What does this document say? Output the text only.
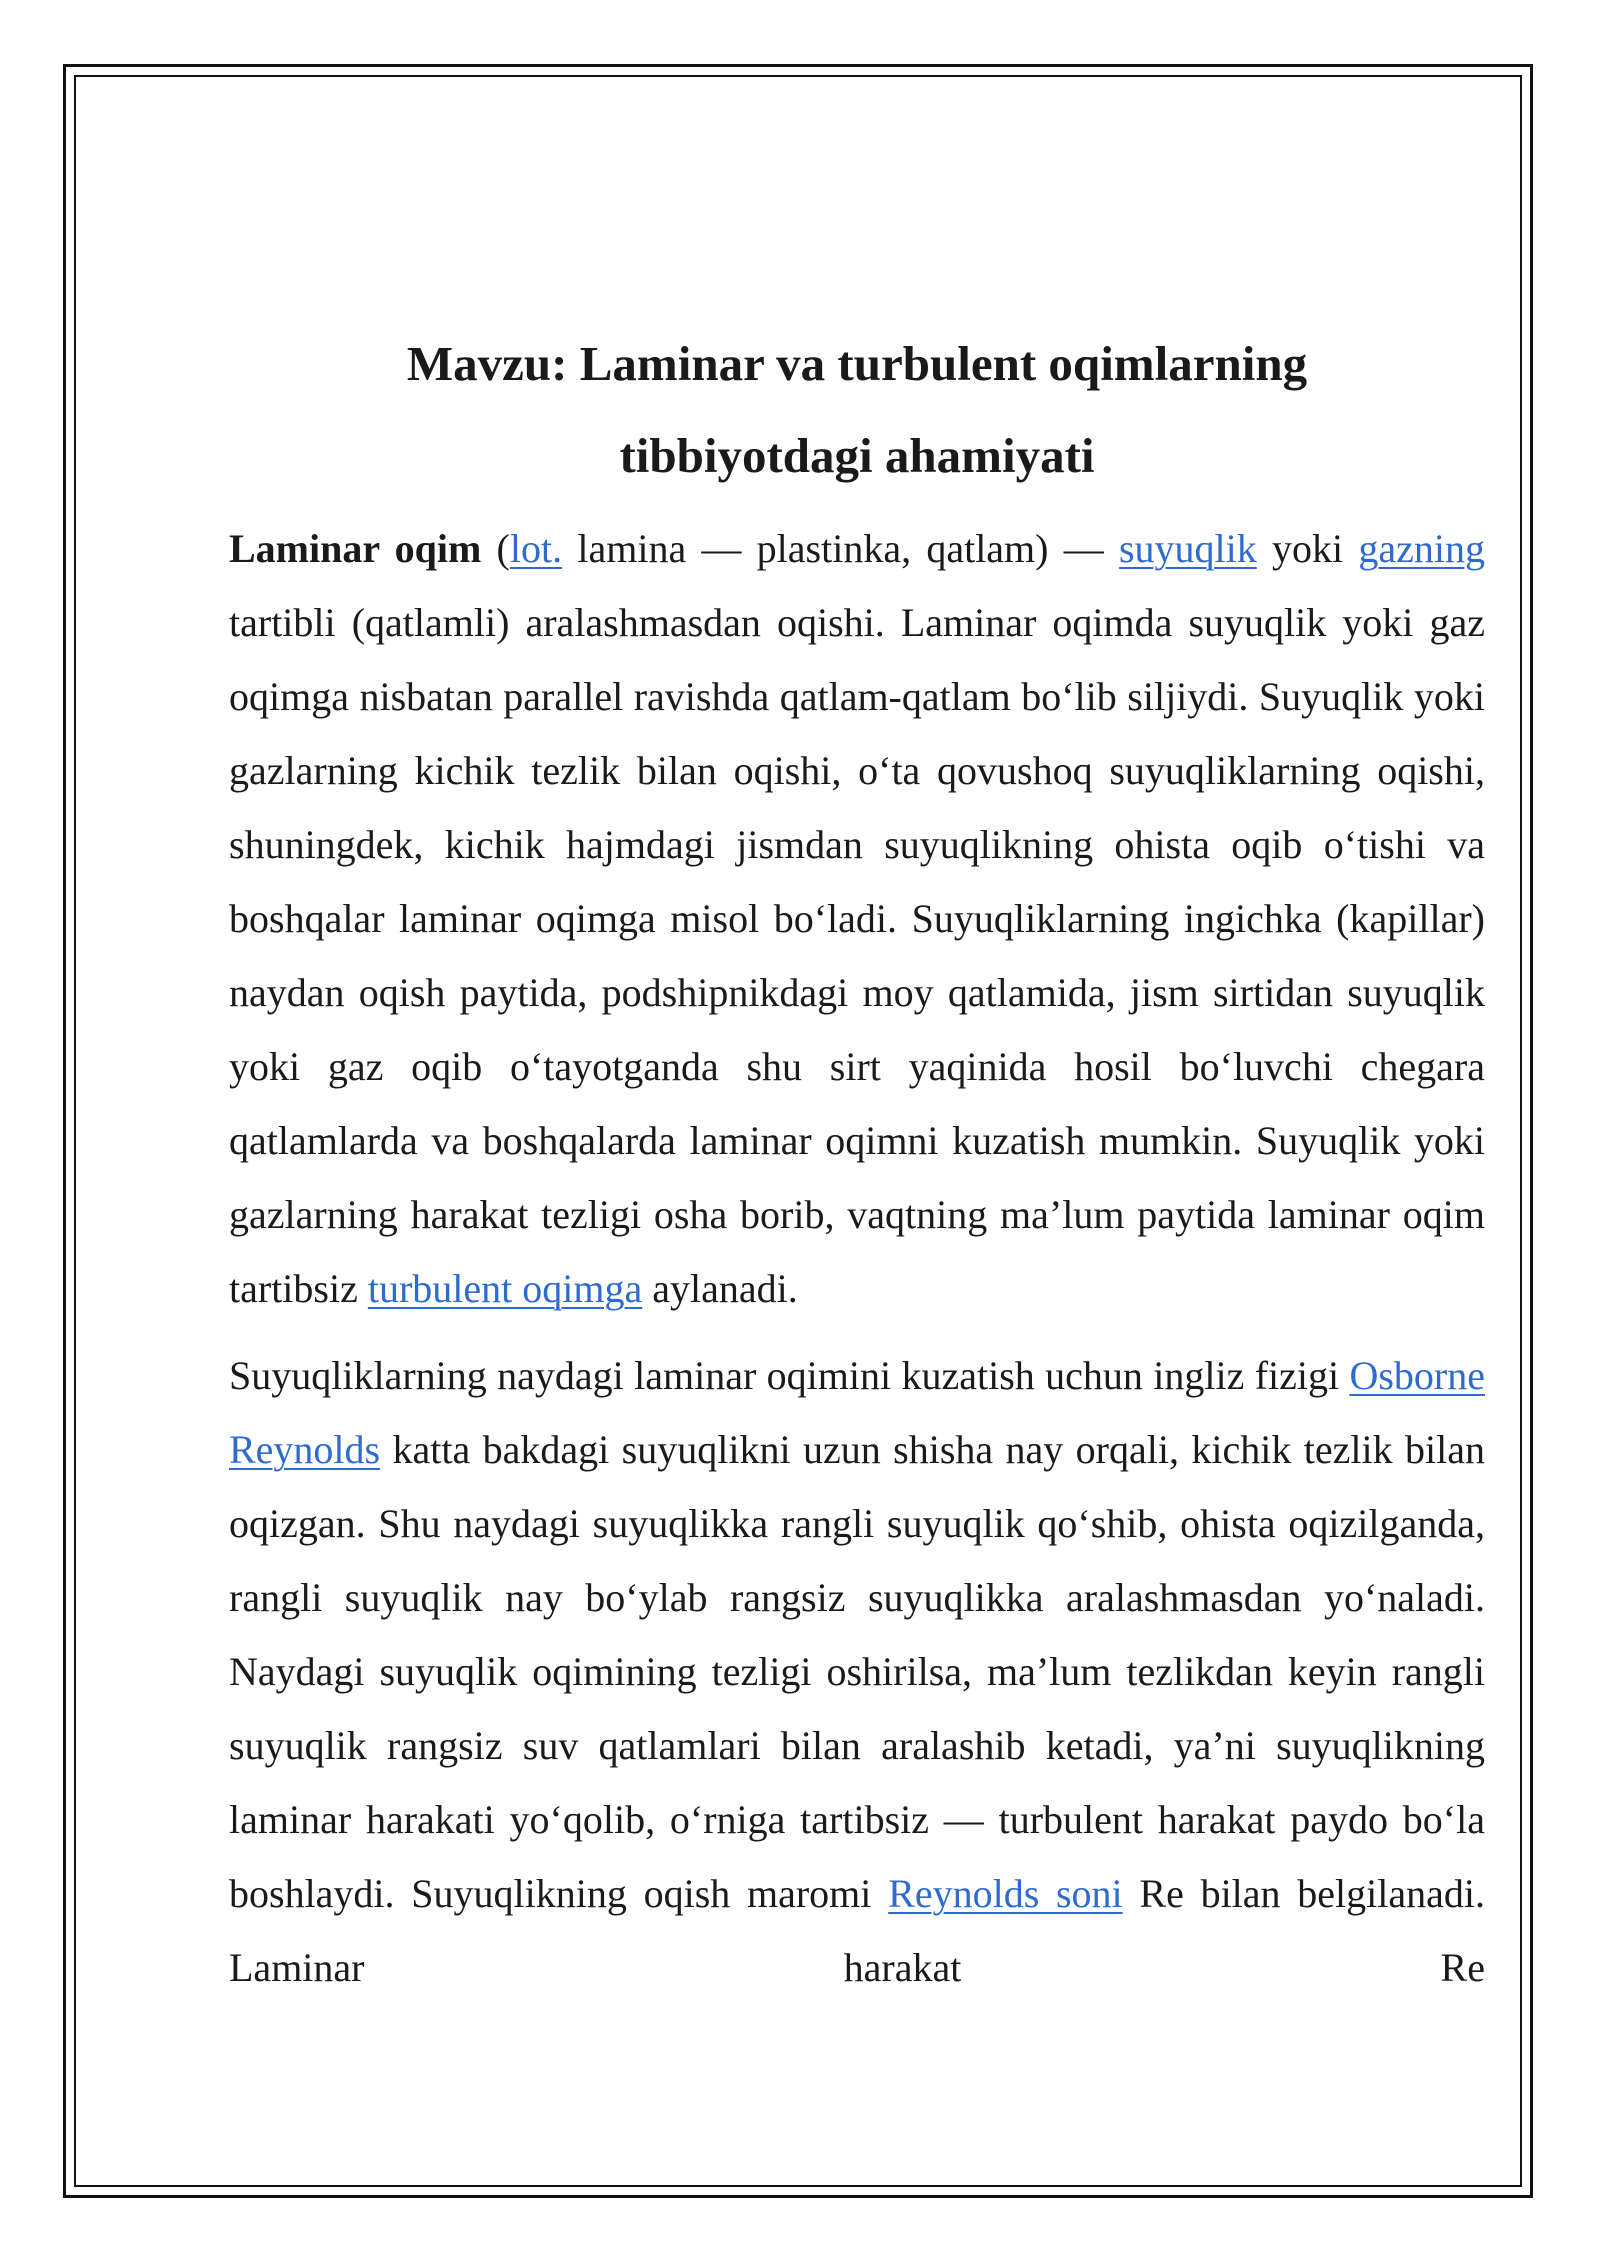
Mavzu: Laminar va turbulent oqimlarning
tibbiyotdagi ahamiyati

Laminar oqim (lot. lamina — plastinka, qatlam) — suyuqlik yoki gazning tartibli (qatlamli) aralashmasdan oqishi. Laminar oqimda suyuqlik yoki gaz oqimga nisbatan parallel ravishda qatlam-qatlam bo‘lib siljiydi. Suyuqlik yoki gazlarning kichik tezlik bilan oqishi, o‘ta qovushoq suyuqliklarning oqishi, shuningdek, kichik hajmdagi jismdan suyuqlikning ohista oqib o‘tishi va boshqalar laminar oqimga misol bo‘ladi. Suyuqliklarning ingichka (kapillar) naydan oqish paytida, podshipnikdagi moy qatlamida, jism sirtidan suyuqlik yoki gaz oqib o‘tayotganda shu sirt yaqinida hosil bo‘luvchi chegara qatlamlarda va boshqalarda laminar oqimni kuzatish mumkin. Suyuqlik yoki gazlarning harakat tezligi osha borib, vaqtning ma’lum paytida laminar oqim tartibsiz turbulent oqimga aylanadi.

Suyuqliklarning naydagi laminar oqimini kuzatish uchun ingliz fizigi Osborne Reynolds katta bakdagi suyuqlikni uzun shisha nay orqali, kichik tezlik bilan oqizgan. Shu naydagi suyuqlikka rangli suyuqlik qo‘shib, ohista oqizilganda, rangli suyuqlik nay bo‘ylab rangsiz suyuqlikka aralashmasdan yo‘naladi. Naydagi suyuqlik oqimining tezligi oshirilsa, ma’lum tezlikdan keyin rangli suyuqlik rangsiz suv qatlamlari bilan aralashib ketadi, ya’ni suyuqlikning laminar harakati yo‘qolib, o‘rniga tartibsiz — turbulent harakat paydo bo‘la boshlaydi. Suyuqlikning oqish maromi Reynolds soni Re bilan belgilanadi. Laminar harakat Re
